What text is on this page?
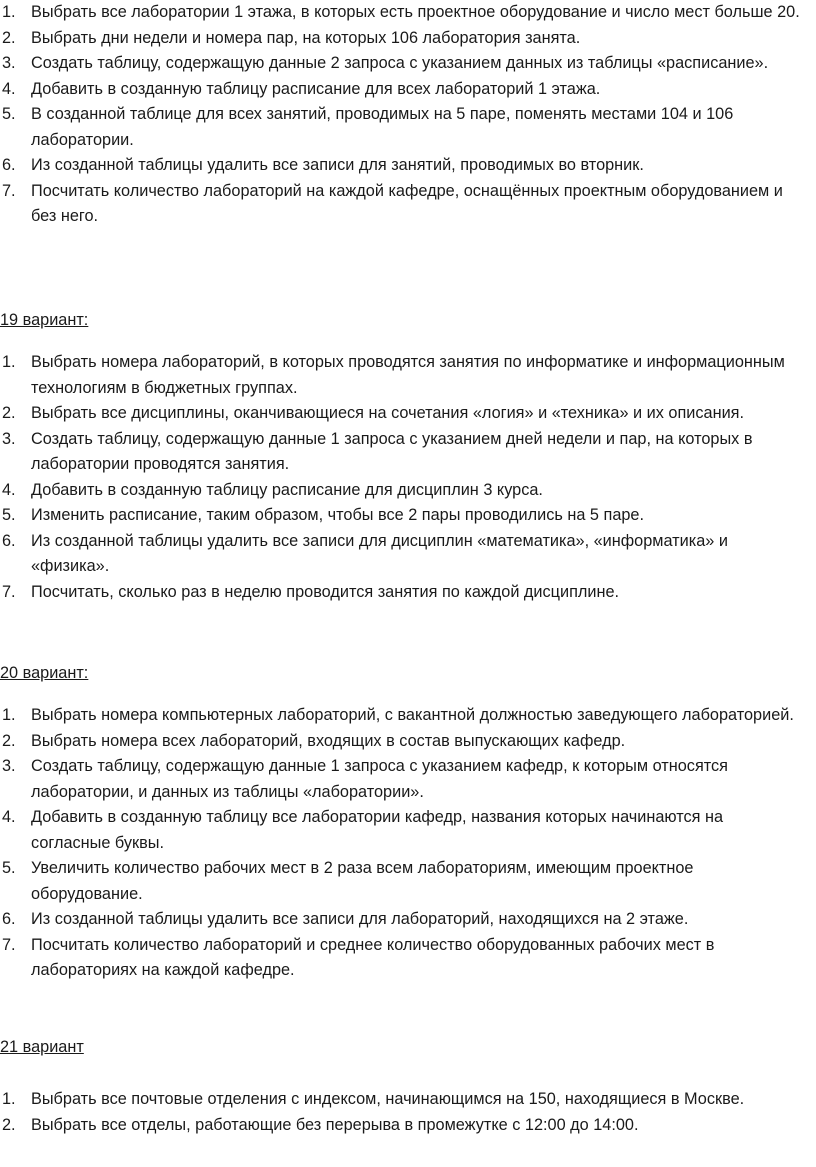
1. Выбрать все лаборатории 1 этажа, в которых есть проектное оборудование и число мест больше 20.
2. Выбрать дни недели и номера пар, на которых 106 лаборатория занята.
3. Создать таблицу, содержащую данные 2 запроса с указанием данных из таблицы «расписание».
4. Добавить в созданную таблицу расписание для всех лабораторий 1 этажа.
5. В созданной таблице для всех занятий, проводимых на 5 паре, поменять местами 104 и 106 лаборатории.
6. Из созданной таблицы удалить все записи для занятий, проводимых во вторник.
7. Посчитать количество лабораторий на каждой кафедре, оснащённых проектным оборудованием и без него.
19 вариант:
1. Выбрать номера лабораторий, в которых проводятся занятия по информатике и информационным технологиям в бюджетных группах.
2. Выбрать все дисциплины, оканчивающиеся на сочетания «логия» и «техника» и их описания.
3. Создать таблицу, содержащую данные 1 запроса с указанием дней недели и пар, на которых в лаборатории проводятся занятия.
4. Добавить в созданную таблицу расписание для дисциплин 3 курса.
5. Изменить расписание, таким образом, чтобы все 2 пары проводились на 5 паре.
6. Из созданной таблицы удалить все записи для дисциплин «математика», «информатика» и «физика».
7. Посчитать, сколько раз в неделю проводится занятия по каждой дисциплине.
20 вариант:
1. Выбрать номера компьютерных лабораторий, с вакантной должностью заведующего лабораторией.
2. Выбрать номера всех лабораторий, входящих в состав выпускающих кафедр.
3. Создать таблицу, содержащую данные 1 запроса с указанием кафедр, к которым относятся лаборатории, и данных из таблицы «лаборатории».
4. Добавить в созданную таблицу все лаборатории кафедр, названия которых начинаются на согласные буквы.
5. Увеличить количество рабочих мест в 2 раза всем лабораториям, имеющим проектное оборудование.
6. Из созданной таблицы удалить все записи для лабораторий, находящихся на 2 этаже.
7. Посчитать количество лабораторий и среднее количество оборудованных рабочих мест в лабораториях на каждой кафедре.
21 вариант
1. Выбрать все почтовые отделения с индексом, начинающимся на 150, находящиеся в Москве.
2. Выбрать все отделы, работающие без перерыва в промежутке с 12:00 до 14:00.
